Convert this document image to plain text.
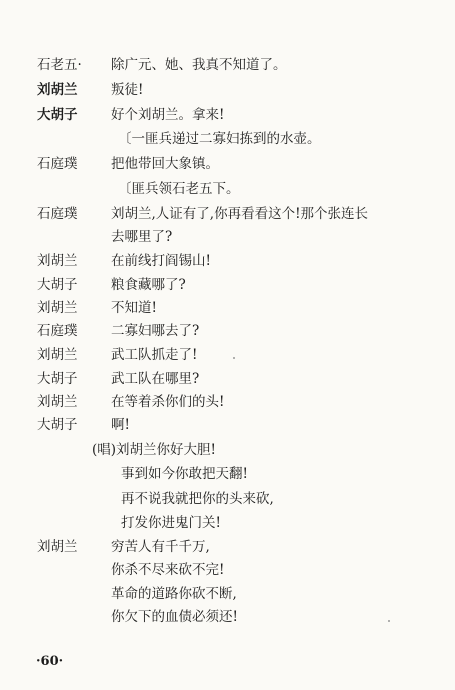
石老五· 除广元、她、我真不知道了。
刘胡兰 叛徒!
大胡子 好个刘胡兰。拿来!
〔一匪兵递过二寡妇拣到的水壶。
石庭璞 把他带回大象镇。
〔匪兵领石老五下。
石庭璞 刘胡兰,人证有了,你再看看这个!那个张连长
去哪里了?
刘胡兰 在前线打阎锡山!
大胡子 粮食藏哪了?
刘胡兰 不知道!
石庭璞 二寡妇哪去了?
刘胡兰 武工队抓走了!
大胡子 武工队在哪里?
刘胡兰 在等着杀你们的头!
大胡子 啊!
(唱)刘胡兰你好大胆!
事到如今你敢把天翻!
再不说我就把你的头来砍,
打发你进鬼门关!
刘胡兰 穷苦人有千千万,
你杀不尽来砍不完!
革命的道路你砍不断,
你欠下的血债必须还!
·60·
